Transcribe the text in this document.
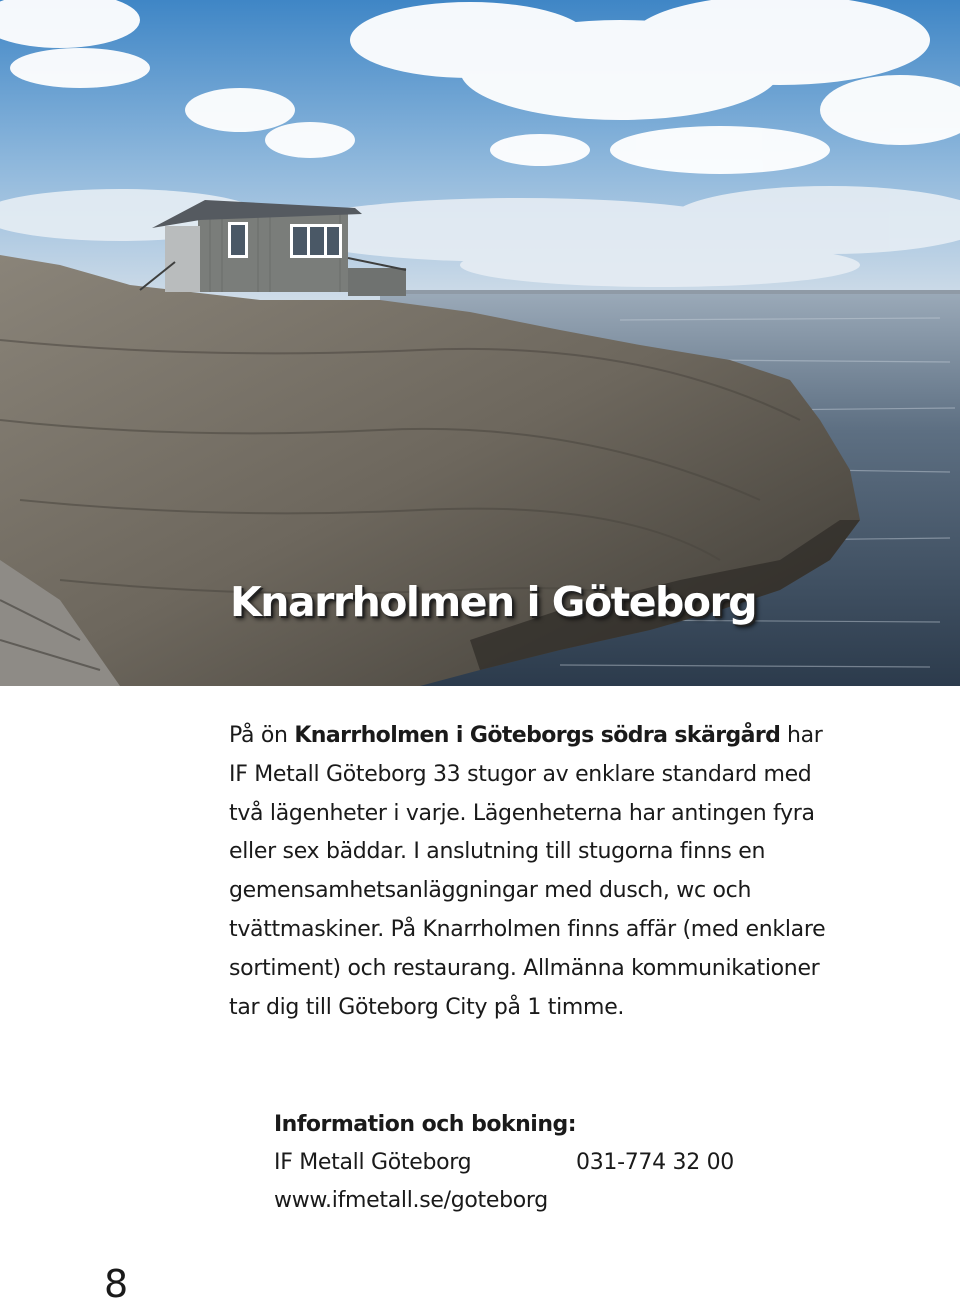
Knarrholmen i Göteborg

På ön Knarrholmen i Göteborgs södra skärgård har IF Metall Göteborg 33 stugor av enklare standard med två lägenheter i varje. Lägenheterna har antingen fyra eller sex bäddar. I anslutning till stugorna finns en gemensamhetsanläggningar med dusch, wc och tvättmaskiner. På Knarrholmen finns affär (med enklare sortiment) och restaurang. Allmänna kommunikationer tar dig till Göteborg City på 1 timme.

Information och bokning:
IF Metall Göteborg	031-774 32 00
www.ifmetall.se/goteborg
8
